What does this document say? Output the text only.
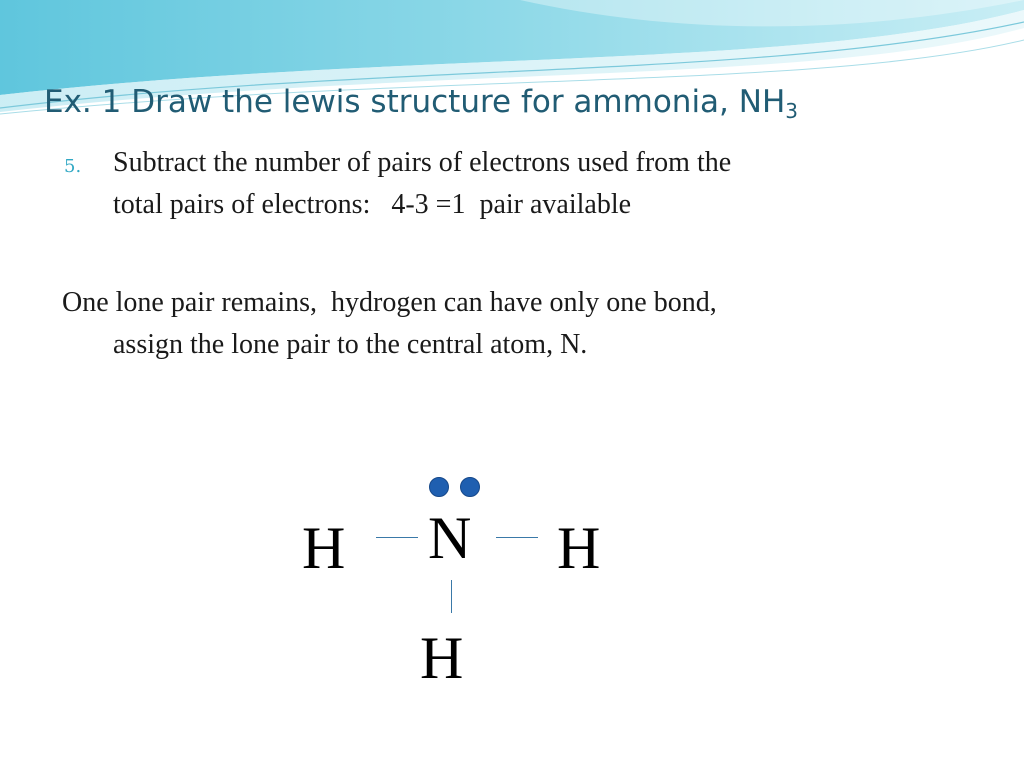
Ex. 1 Draw the lewis structure for ammonia, $NH_3$
5. Subtract the number of pairs of electrons used from the
total pairs of electrons:   4-3 =1  pair available

One lone pair remains,  hydrogen can have only one bond,
assign the lone pair to the central atom, N.

N
H	H
H
